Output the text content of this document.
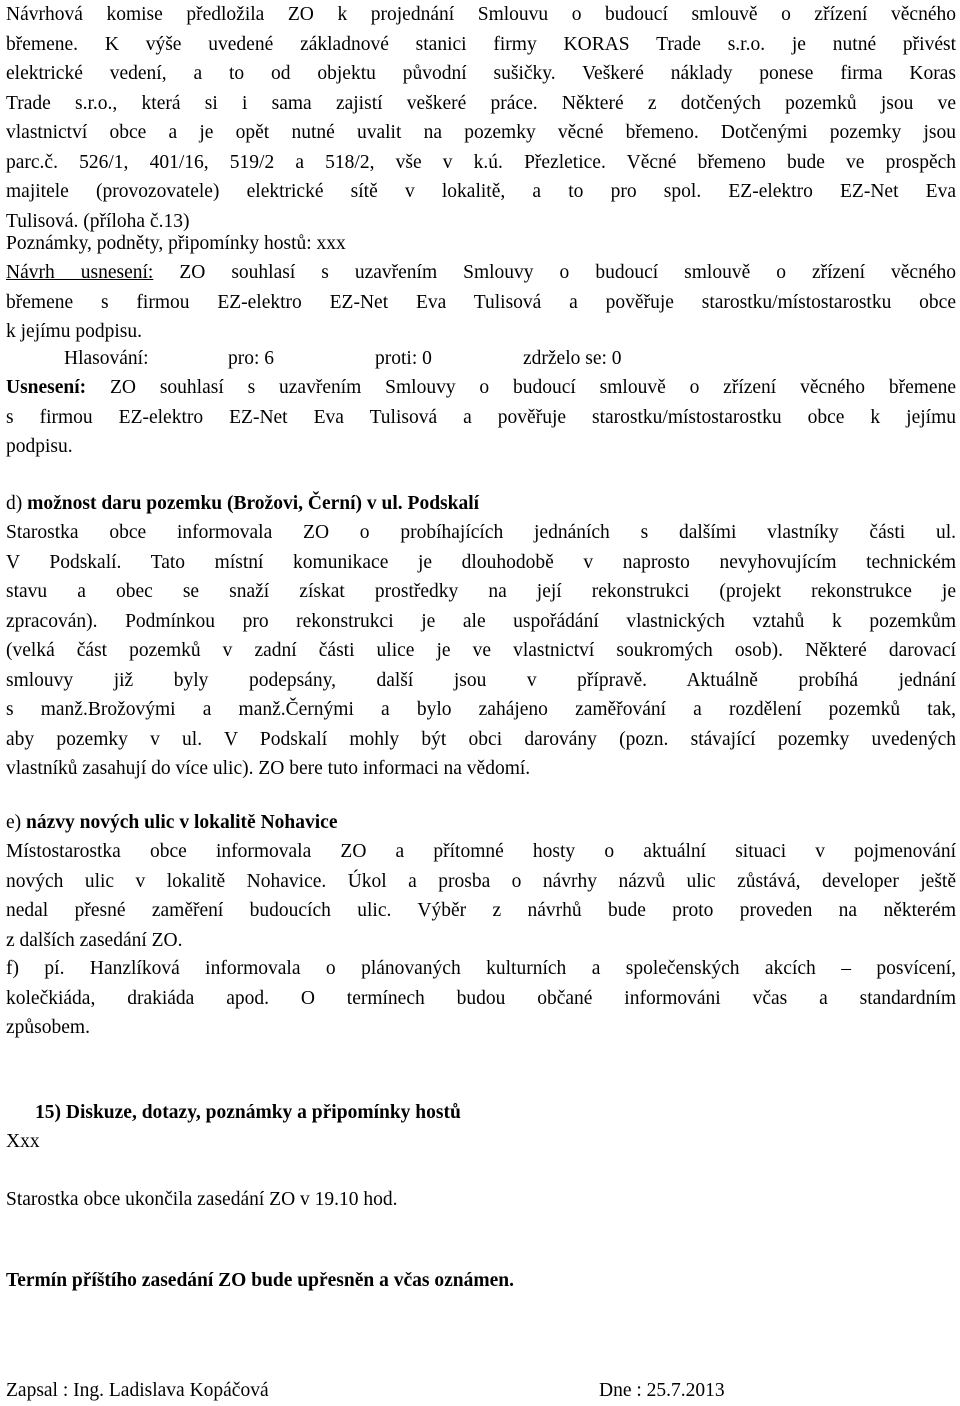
Návrhová komise předložila ZO k projednání Smlouvu o budoucí smlouvě o zřízení věcného
břemene. K výše uvedené základnové stanici firmy KORAS Trade s.r.o. je nutné přivést
elektrické vedení, a to od objektu původní sušičky. Veškeré náklady ponese firma Koras
Trade s.r.o., která si i sama zajistí veškeré práce. Některé z dotčených pozemků jsou ve
vlastnictví obce a je opět nutné uvalit na pozemky věcné břemeno. Dotčenými pozemky jsou
parc.č. 526/1, 401/16, 519/2 a 518/2, vše v k.ú. Přezletice. Věcné břemeno bude ve prospěch
majitele (provozovatele) elektrické sítě v lokalitě, a to pro spol. EZ-elektro EZ-Net Eva
Tulisová. (příloha č.13)
Poznámky, podněty, připomínky hostů: xxx
Návrh usnesení: ZO souhlasí s uzavřením Smlouvy o budoucí smlouvě o zřízení věcného
břemene s firmou EZ-elektro EZ-Net Eva Tulisová a pověřuje starostku/místostarostku obce
k jejímu podpisu.
Hlasování:	pro: 6	proti: 0	zdrželo se: 0
Usnesení: ZO souhlasí s uzavřením Smlouvy o budoucí smlouvě o zřízení věcného břemene
s firmou EZ-elektro EZ-Net Eva Tulisová a pověřuje starostku/místostarostku obce k jejímu
podpisu.
d) možnost daru pozemku (Brožovi, Černí) v ul. Podskalí
Starostka obce informovala ZO o probíhajících jednáních s dalšími vlastníky části ul.
V Podskalí. Tato místní komunikace je dlouhodobě v naprosto nevyhovujícím technickém
stavu a obec se snaží získat prostředky na její rekonstrukci (projekt rekonstrukce je
zpracován). Podmínkou pro rekonstrukci je ale uspořádání vlastnických vztahů k pozemkům
(velká část pozemků v zadní části ulice je ve vlastnictví soukromých osob). Některé darovací
smlouvy již byly podepsány, další jsou v přípravě. Aktuálně probíhá jednání
s manž.Brožovými a manž.Černými a bylo zahájeno zaměřování a rozdělení pozemků tak,
aby pozemky v ul. V Podskalí mohly být obci darovány (pozn. stávající pozemky uvedených
vlastníků zasahují do více ulic). ZO bere tuto informaci na vědomí.
e) názvy nových ulic v lokalitě Nohavice
Místostarostka obce informovala ZO a přítomné hosty o aktuální situaci v pojmenování
nových ulic v lokalitě Nohavice. Úkol a prosba o návrhy názvů ulic zůstává, developer ještě
nedal přesné zaměření budoucích ulic. Výběr z návrhů bude proto proveden na některém
z dalších zasedání ZO.
f) pí. Hanzlíková informovala o plánovaných kulturních a společenských akcích – posvícení,
kolečkiáda, drakiáda apod. O termínech budou občané informováni včas a standardním
způsobem.
15) Diskuze, dotazy, poznámky a připomínky hostů
Xxx
Starostka obce ukončila zasedání ZO v 19.10 hod.
Termín příštího zasedání ZO bude upřesněn a včas oznámen.
Zapsal : Ing. Ladislava Kopáčová	Dne : 25.7.2013
